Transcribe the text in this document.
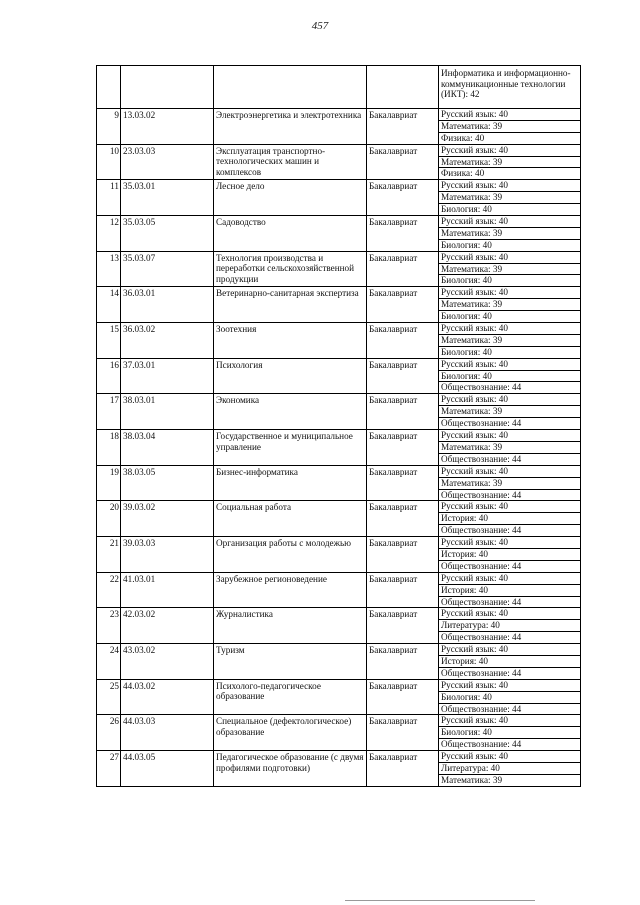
457
				Информатика и информационно-коммуникационные технологии (ИКТ): 42
9	13.03.02	Электроэнергетика и электротехника	Бакалавриат	Русский язык: 40
				Математика: 39
				Физика: 40
10	23.03.03	Эксплуатация транспортно-технологических машин и комплексов	Бакалавриат	Русский язык: 40
				Математика: 39
				Физика: 40
11	35.03.01	Лесное дело	Бакалавриат	Русский язык: 40
				Математика: 39
				Биология: 40
12	35.03.05	Садоводство	Бакалавриат	Русский язык: 40
				Математика: 39
				Биология: 40
13	35.03.07	Технология производства и переработки сельскохозяйственной продукции	Бакалавриат	Русский язык: 40
				Математика: 39
				Биология: 40
14	36.03.01	Ветеринарно-санитарная экспертиза	Бакалавриат	Русский язык: 40
				Математика: 39
				Биология: 40
15	36.03.02	Зоотехния	Бакалавриат	Русский язык: 40
				Математика: 39
				Биология: 40
16	37.03.01	Психология	Бакалавриат	Русский язык: 40
				Биология: 40
				Обществознание: 44
17	38.03.01	Экономика	Бакалавриат	Русский язык: 40
				Математика: 39
				Обществознание: 44
18	38.03.04	Государственное и муниципальное управление	Бакалавриат	Русский язык: 40
				Математика: 39
				Обществознание: 44
19	38.03.05	Бизнес-информатика	Бакалавриат	Русский язык: 40
				Математика: 39
				Обществознание: 44
20	39.03.02	Социальная работа	Бакалавриат	Русский язык: 40
				История: 40
				Обществознание: 44
21	39.03.03	Организация работы с молодежью	Бакалавриат	Русский язык: 40
				История: 40
				Обществознание: 44
22	41.03.01	Зарубежное регионоведение	Бакалавриат	Русский язык: 40
				История: 40
				Обществознание: 44
23	42.03.02	Журналистика	Бакалавриат	Русский язык: 40
				Литература: 40
				Обществознание: 44
24	43.03.02	Туризм	Бакалавриат	Русский язык: 40
				История: 40
				Обществознание: 44
25	44.03.02	Психолого-педагогическое образование	Бакалавриат	Русский язык: 40
				Биология: 40
				Обществознание: 44
26	44.03.03	Специальное (дефектологическое) образование	Бакалавриат	Русский язык: 40
				Биология: 40
				Обществознание: 44
27	44.03.05	Педагогическое образование (с двумя профилями подготовки)	Бакалавриат	Русский язык: 40
				Литература: 40
				Математика: 39
